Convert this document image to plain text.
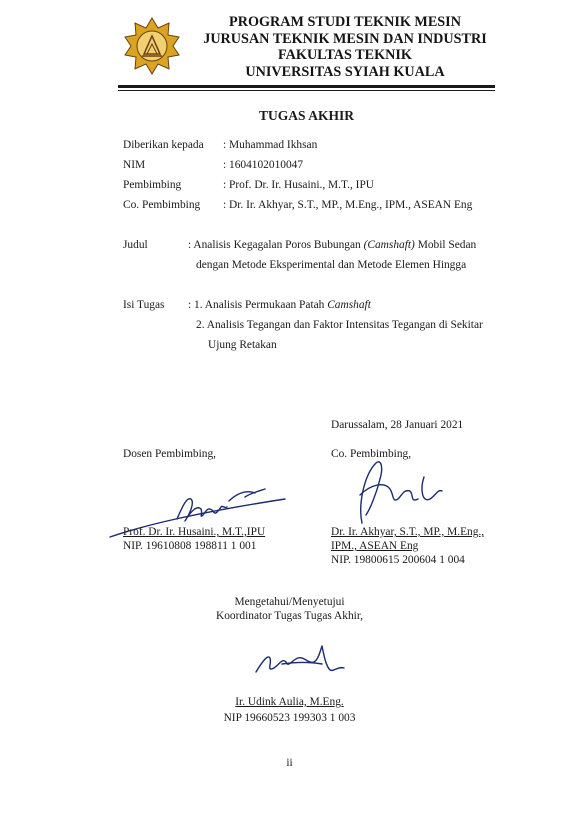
PROGRAM STUDI TEKNIK MESIN
JURUSAN TEKNIK MESIN DAN INDUSTRI
FAKULTAS TEKNIK
UNIVERSITAS SYIAH KUALA
TUGAS AKHIR
Diberikan kepada : Muhammad Ikhsan
NIM	: 1604102010047
Pembimbing	: Prof. Dr. Ir. Husaini., M.T., IPU
Co. Pembimbing : Dr. Ir. Akhyar, S.T., MP., M.Eng., IPM., ASEAN Eng
Judul	: Analisis Kegagalan Poros Bubungan (Camshaft) Mobil Sedan
dengan Metode Eksperimental dan Metode Elemen Hingga
Isi Tugas : 1. Analisis Permukaan Patah Camshaft
2. Analisis Tegangan dan Faktor Intensitas Tegangan di Sekitar
Ujung Retakan
Darussalam, 28 Januari 2021
Dosen Pembimbing,	Co. Pembimbing,
Prof. Dr. Ir. Husaini., M.T.,IPU
NIP. 19610808 198811 1 001
Dr. Ir. Akhyar, S.T., MP., M.Eng.,
IPM., ASEAN Eng
NIP. 19800615 200604 1 004
Mengetahui/Menyetujui
Koordinator Tugas Tugas Akhir,
Ir. Udink Aulia, M.Eng.
NIP 19660523 199303 1 003
ii
